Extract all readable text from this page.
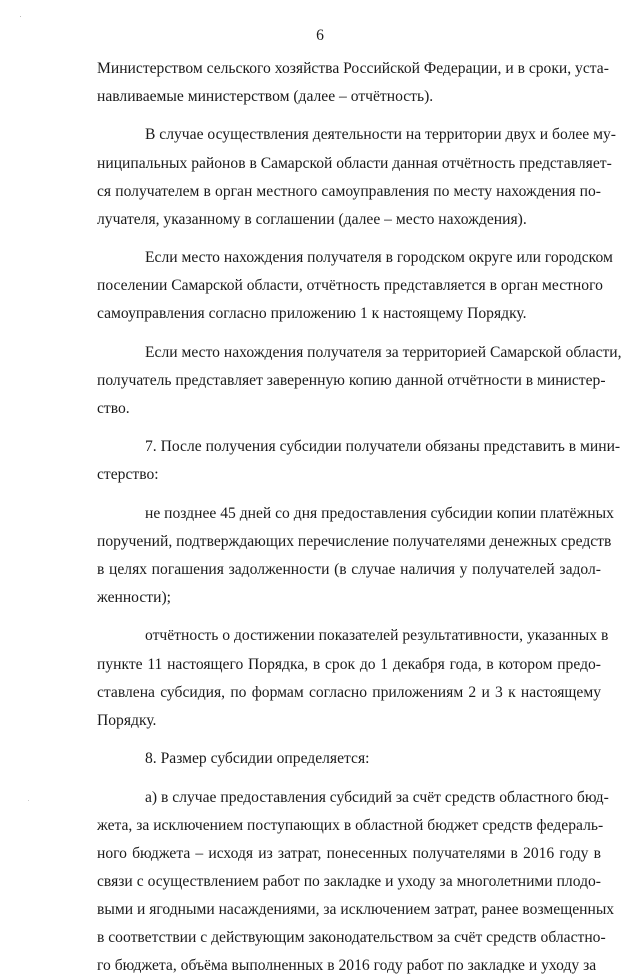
6
Министерством сельского хозяйства Российской Федерации, и в сроки, уста-
навливаемые министерством (далее – отчётность).
В случае осуществления деятельности на территории двух и более му-
ниципальных районов в Самарской области данная отчётность представляет-
ся получателем в орган местного самоуправления по месту нахождения по-
лучателя, указанному в соглашении (далее – место нахождения).
Если место нахождения получателя в городском округе или городском
поселении Самарской области, отчётность представляется в орган местного
самоуправления согласно приложению 1 к настоящему Порядку.
Если место нахождения получателя за территорией Самарской области,
получатель представляет заверенную копию данной отчётности в министер-
ство.
7. После получения субсидии получатели обязаны представить в мини-
стерство:
не позднее 45 дней со дня предоставления субсидии копии платёжных
поручений, подтверждающих перечисление получателями денежных средств
в целях погашения задолженности (в случае наличия у получателей задол-
женности);
отчётность о достижении показателей результативности, указанных в
пункте 11 настоящего Порядка, в срок до 1 декабря года, в котором предо-
ставлена субсидия, по формам согласно приложениям 2 и 3 к настоящему
Порядку.
8. Размер субсидии определяется:
а) в случае предоставления субсидий за счёт средств областного бюд-
жета, за исключением поступающих в областной бюджет средств федераль-
ного бюджета – исходя из затрат, понесенных получателями в 2016 году в
связи с осуществлением работ по закладке и уходу за многолетними плодо-
выми и ягодными насаждениями, за исключением затрат, ранее возмещенных
в соответствии с действующим законодательством за счёт средств областно-
го бюджета, объёма выполненных в 2016 году работ по закладке и уходу за
